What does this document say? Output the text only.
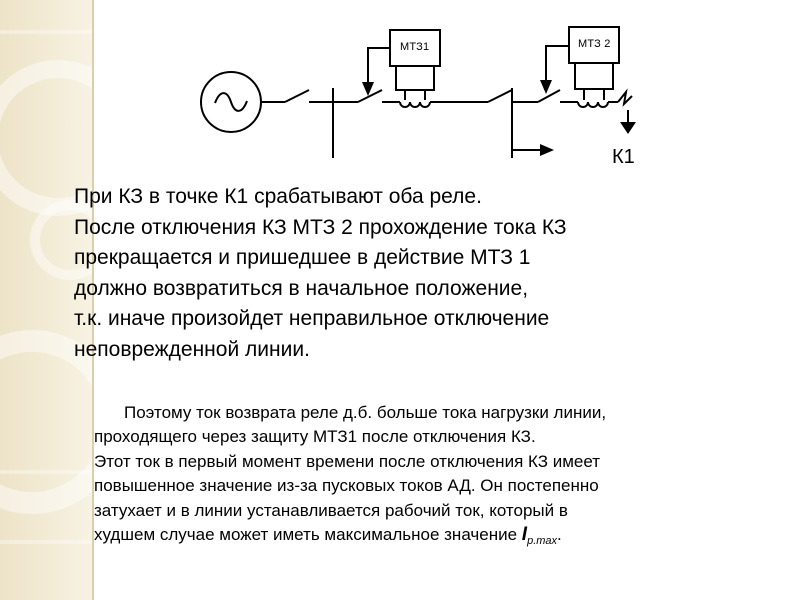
МТЗ1	МТЗ 2
К1
При КЗ в точке К1 срабатывают оба реле.
После отключения КЗ МТЗ 2 прохождение тока КЗ
прекращается и пришедшее в действие МТЗ 1
должно возвратиться в начальное положение,
т.к. иначе произойдет неправильное отключение
неповрежденной линии.
Поэтому ток возврата реле д.б. больше тока нагрузки линии,
проходящего через защиту МТЗ1 после отключения КЗ.
Этот ток в первый момент времени после отключения КЗ имеет
повышенное значение из-за пусковых токов АД. Он постепенно
затухает и в линии устанавливается рабочий ток, который в
худшем случае может иметь максимальное значение $I_{р.max}$.
